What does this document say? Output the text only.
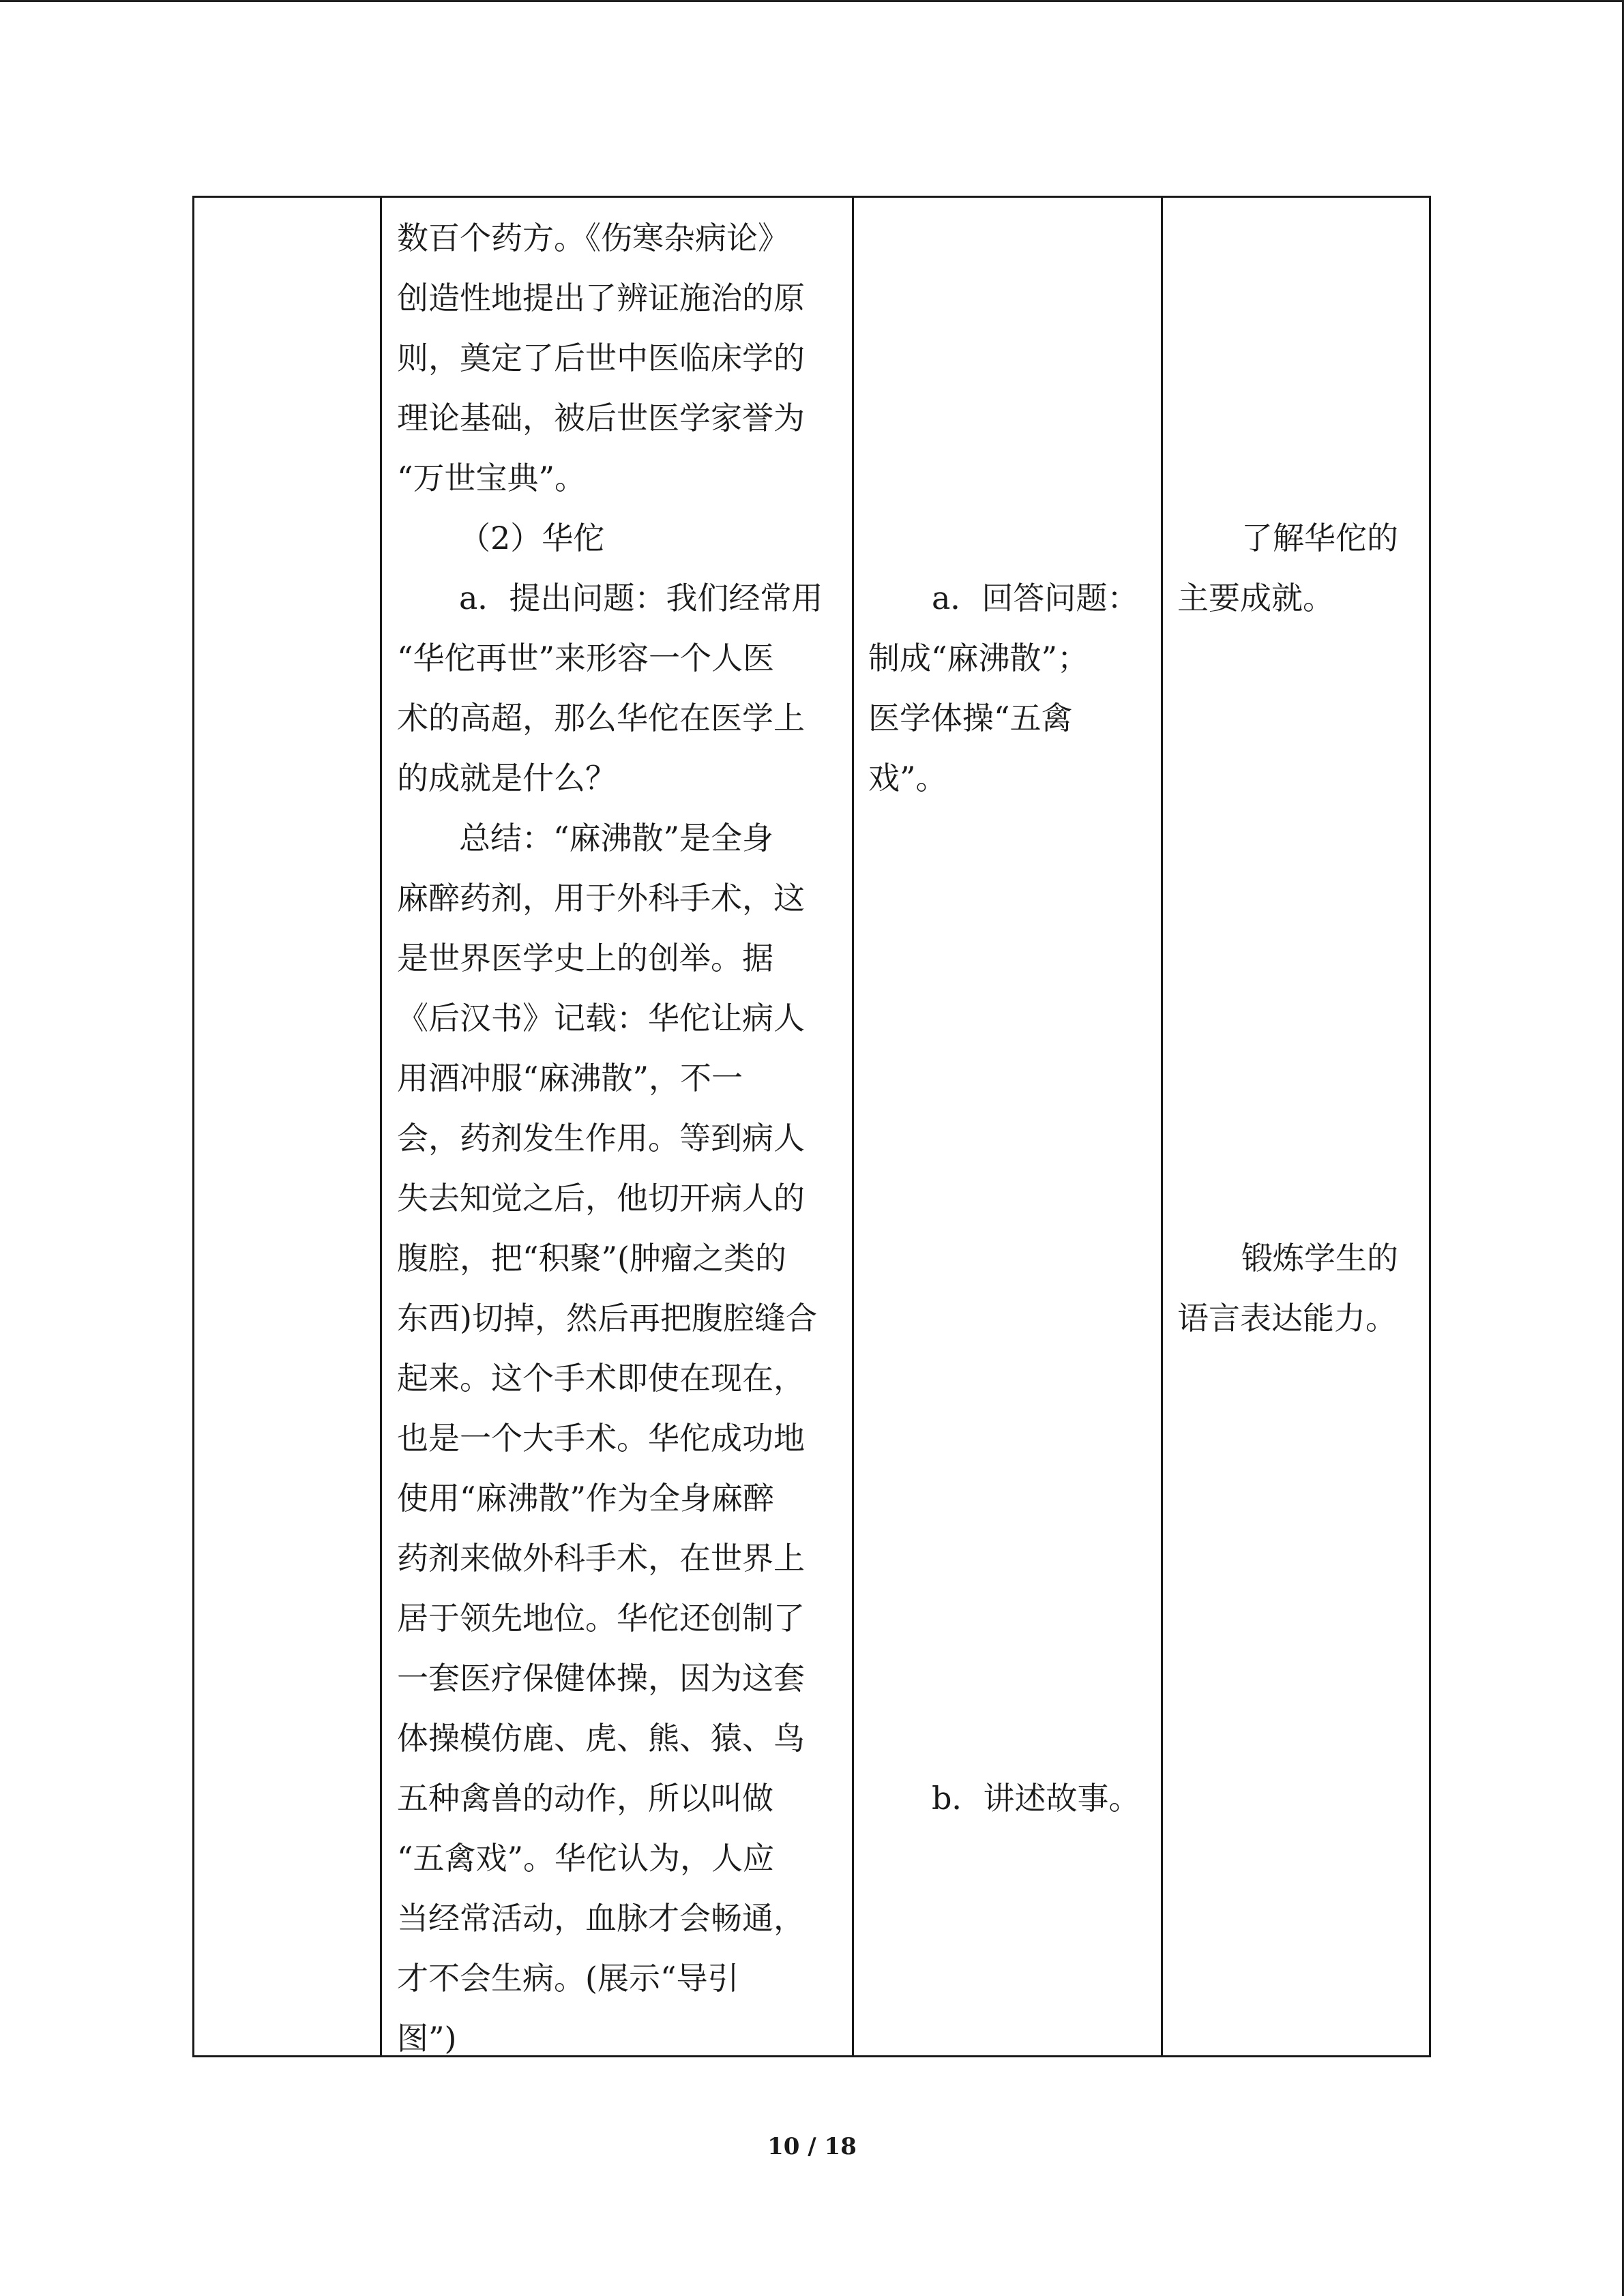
数百个药方。《伤寒杂病论》
创造性地提出了辨证施治的原
则，奠定了后世中医临床学的
理论基础，被后世医学家誉为
“万世宝典”。
（2）华佗
a．提出问题：我们经常用
“华佗再世”来形容一个人医
术的高超，那么华佗在医学上
的成就是什么？
总结：“麻沸散”是全身
麻醉药剂，用于外科手术，这
是世界医学史上的创举。据
《后汉书》记载：华佗让病人
用酒冲服“麻沸散”，不一
会，药剂发生作用。等到病人
失去知觉之后，他切开病人的
腹腔，把“积聚”(肿瘤之类的
东西)切掉，然后再把腹腔缝合
起来。这个手术即使在现在，
也是一个大手术。华佗成功地
使用“麻沸散”作为全身麻醉
药剂来做外科手术，在世界上
居于领先地位。华佗还创制了
一套医疗保健体操，因为这套
体操模仿鹿、虎、熊、猿、鸟
五种禽兽的动作，所以叫做
“五禽戏”。华佗认为，人应
当经常活动，血脉才会畅通，
才不会生病。(展示“导引
图”)
a．回答问题：
制成“麻沸散”；
医学体操“五禽
戏”。
b．讲述故事。
了解华佗的
主要成就。
锻炼学生的
语言表达能力。
10 / 18
